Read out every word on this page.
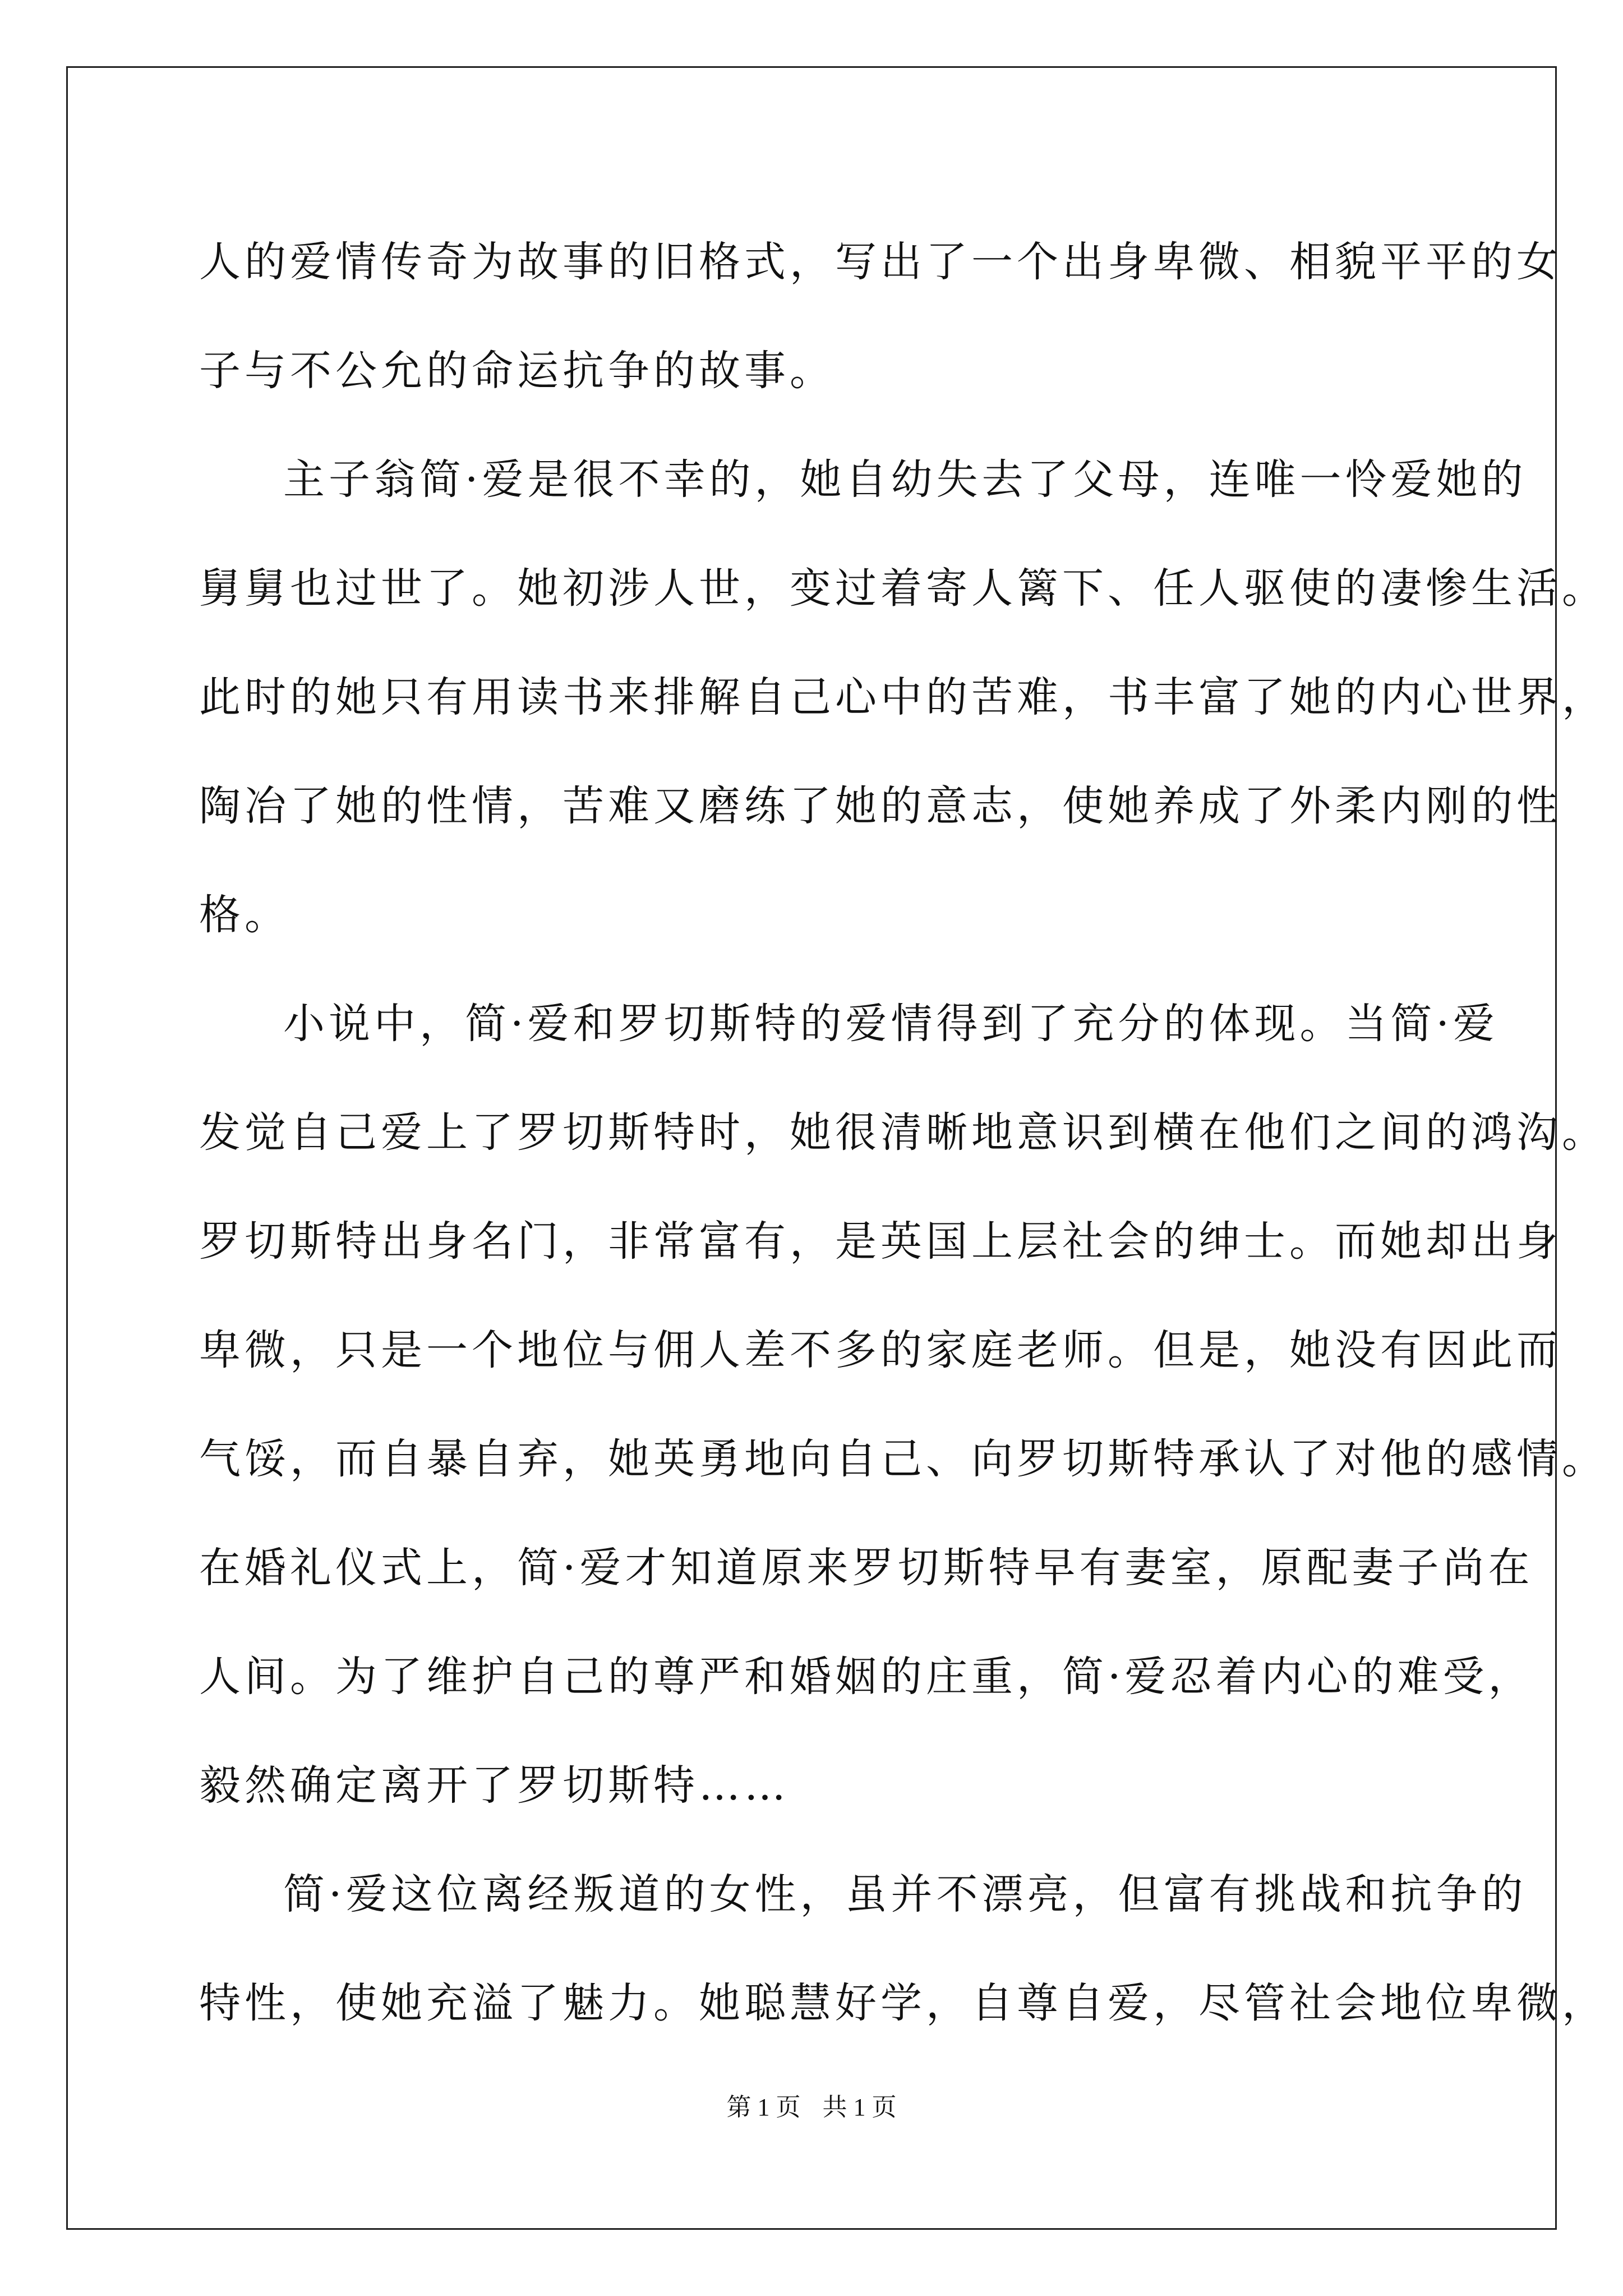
人的爱情传奇为故事的旧格式，写出了一个出身卑微、相貌平平的女
子与不公允的命运抗争的故事。
主子翁简·爱是很不幸的，她自幼失去了父母，连唯一怜爱她的
舅舅也过世了。她初涉人世，变过着寄人篱下、任人驱使的凄惨生活。
此时的她只有用读书来排解自己心中的苦难，书丰富了她的内心世界，
陶冶了她的性情，苦难又磨练了她的意志，使她养成了外柔内刚的性
格。
小说中，简·爱和罗切斯特的爱情得到了充分的体现。当简·爱
发觉自己爱上了罗切斯特时，她很清晰地意识到横在他们之间的鸿沟。
罗切斯特出身名门，非常富有，是英国上层社会的绅士。而她却出身
卑微，只是一个地位与佣人差不多的家庭老师。但是，她没有因此而
气馁，而自暴自弃，她英勇地向自己、向罗切斯特承认了对他的感情。
在婚礼仪式上，简·爱才知道原来罗切斯特早有妻室，原配妻子尚在
人间。为了维护自己的尊严和婚姻的庄重，简·爱忍着内心的难受，
毅然确定离开了罗切斯特……
简·爱这位离经叛道的女性，虽并不漂亮，但富有挑战和抗争的
特性，使她充溢了魅力。她聪慧好学，自尊自爱，尽管社会地位卑微，
第 1 页 共 1 页
